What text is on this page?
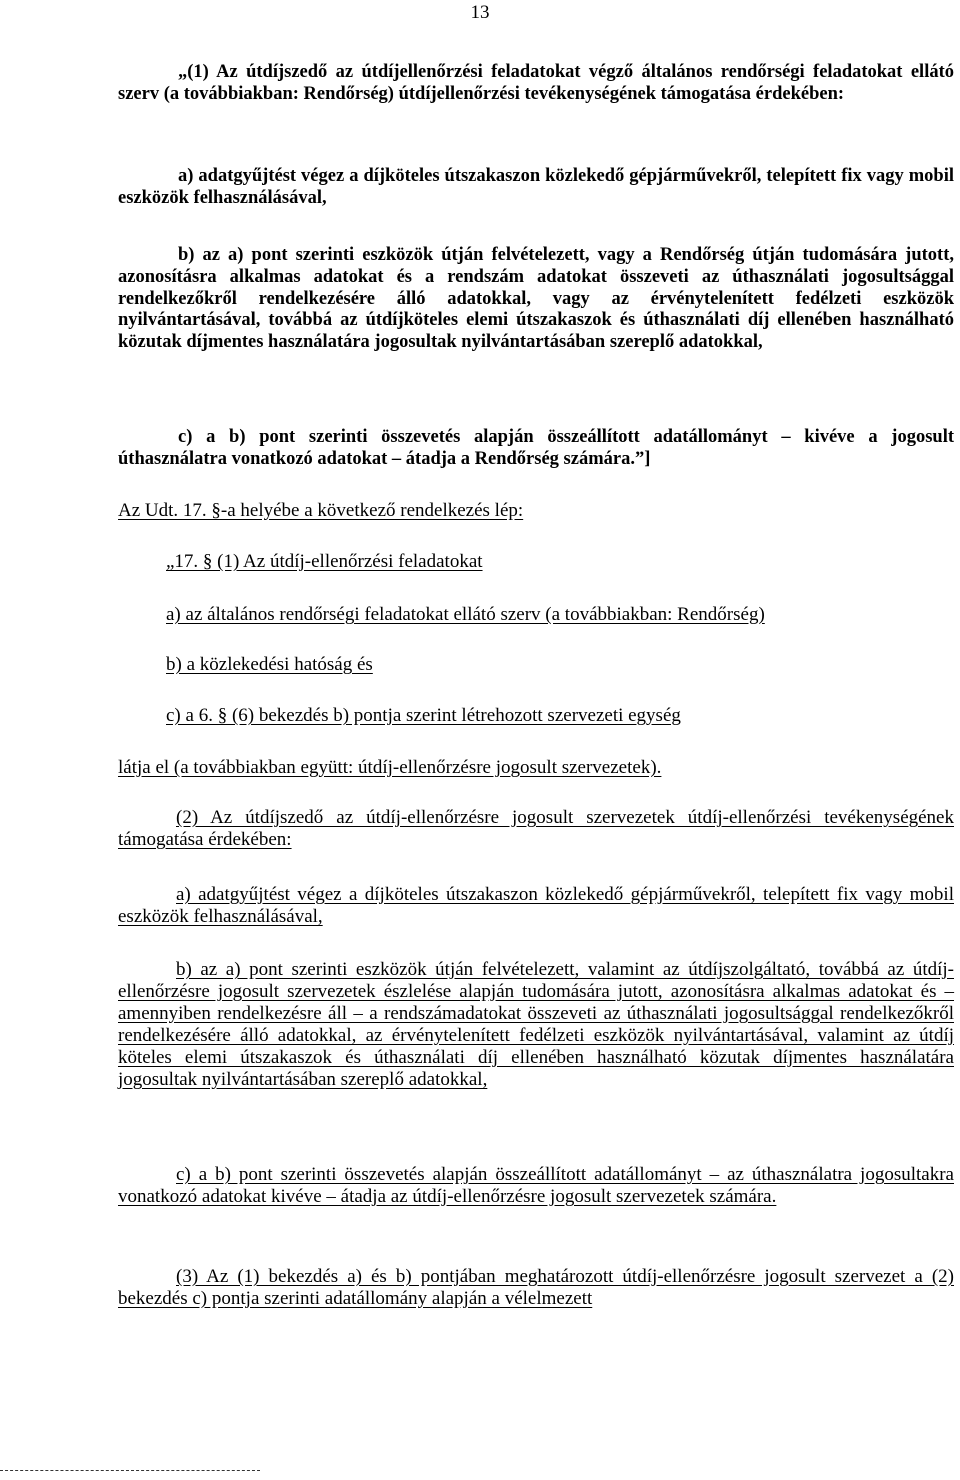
13

„(1) Az útdíjszedő az útdíjellenőrzési feladatokat végző általános rendőrségi feladatokat ellátó szerv (a továbbiakban: Rendőrség) útdíjellenőrzési tevékenységének támogatása érdekében:

a) adatgyűjtést végez a díjköteles útszakaszon közlekedő gépjárművekről, telepített fix vagy mobil eszközök felhasználásával,

b) az a) pont szerinti eszközök útján felvételezett, vagy a Rendőrség útján tudomására jutott, azonosításra alkalmas adatokat és a rendszám adatokat összeveti az úthasználati jogosultsággal rendelkezőkről rendelkezésére álló adatokkal, vagy az érvénytelenített fedélzeti eszközök nyilvántartásával, továbbá az útdíjköteles elemi útszakaszok és úthasználati díj ellenében használható közutak díjmentes használatára jogosultak nyilvántartásában szereplő adatokkal,

c) a b) pont szerinti összevetés alapján összeállított adatállományt – kivéve a jogosult úthasználatra vonatkozó adatokat – átadja a Rendőrség számára.”]

Az Udt. 17. §-a helyébe a következő rendelkezés lép:

„17. § (1) Az útdíj-ellenőrzési feladatokat

a) az általános rendőrségi feladatokat ellátó szerv (a továbbiakban: Rendőrség)

b) a közlekedési hatóság és

c) a 6. § (6) bekezdés b) pontja szerint létrehozott szervezeti egység

látja el (a továbbiakban együtt: útdíj-ellenőrzésre jogosult szervezetek).

(2) Az útdíjszedő az útdíj-ellenőrzésre jogosult szervezetek útdíj-ellenőrzési tevékenységének támogatása érdekében:

a) adatgyűjtést végez a díjköteles útszakaszon közlekedő gépjárművekről, telepített fix vagy mobil eszközök felhasználásával,

b) az a) pont szerinti eszközök útján felvételezett, valamint az útdíjszolgáltató, továbbá az útdíj-ellenőrzésre jogosult szervezetek észlelése alapján tudomására jutott, azonosításra alkalmas adatokat és – amennyiben rendelkezésre áll – a rendszámadatokat összeveti az úthasználati jogosultsággal rendelkezőkről rendelkezésére álló adatokkal, az érvénytelenített fedélzeti eszközök nyilvántartásával, valamint az útdíj köteles elemi útszakaszok és úthasználati díj ellenében használható közutak díjmentes használatára jogosultak nyilvántartásában szereplő adatokkal,

c) a b) pont szerinti összevetés alapján összeállított adatállományt – az úthasználatra jogosultakra vonatkozó adatokat kivéve – átadja az útdíj-ellenőrzésre jogosult szervezetek számára.

(3) Az (1) bekezdés a) és b) pontjában meghatározott útdíj-ellenőrzésre jogosult szervezet a (2) bekezdés c) pontja szerinti adatállomány alapján a vélelmezett
